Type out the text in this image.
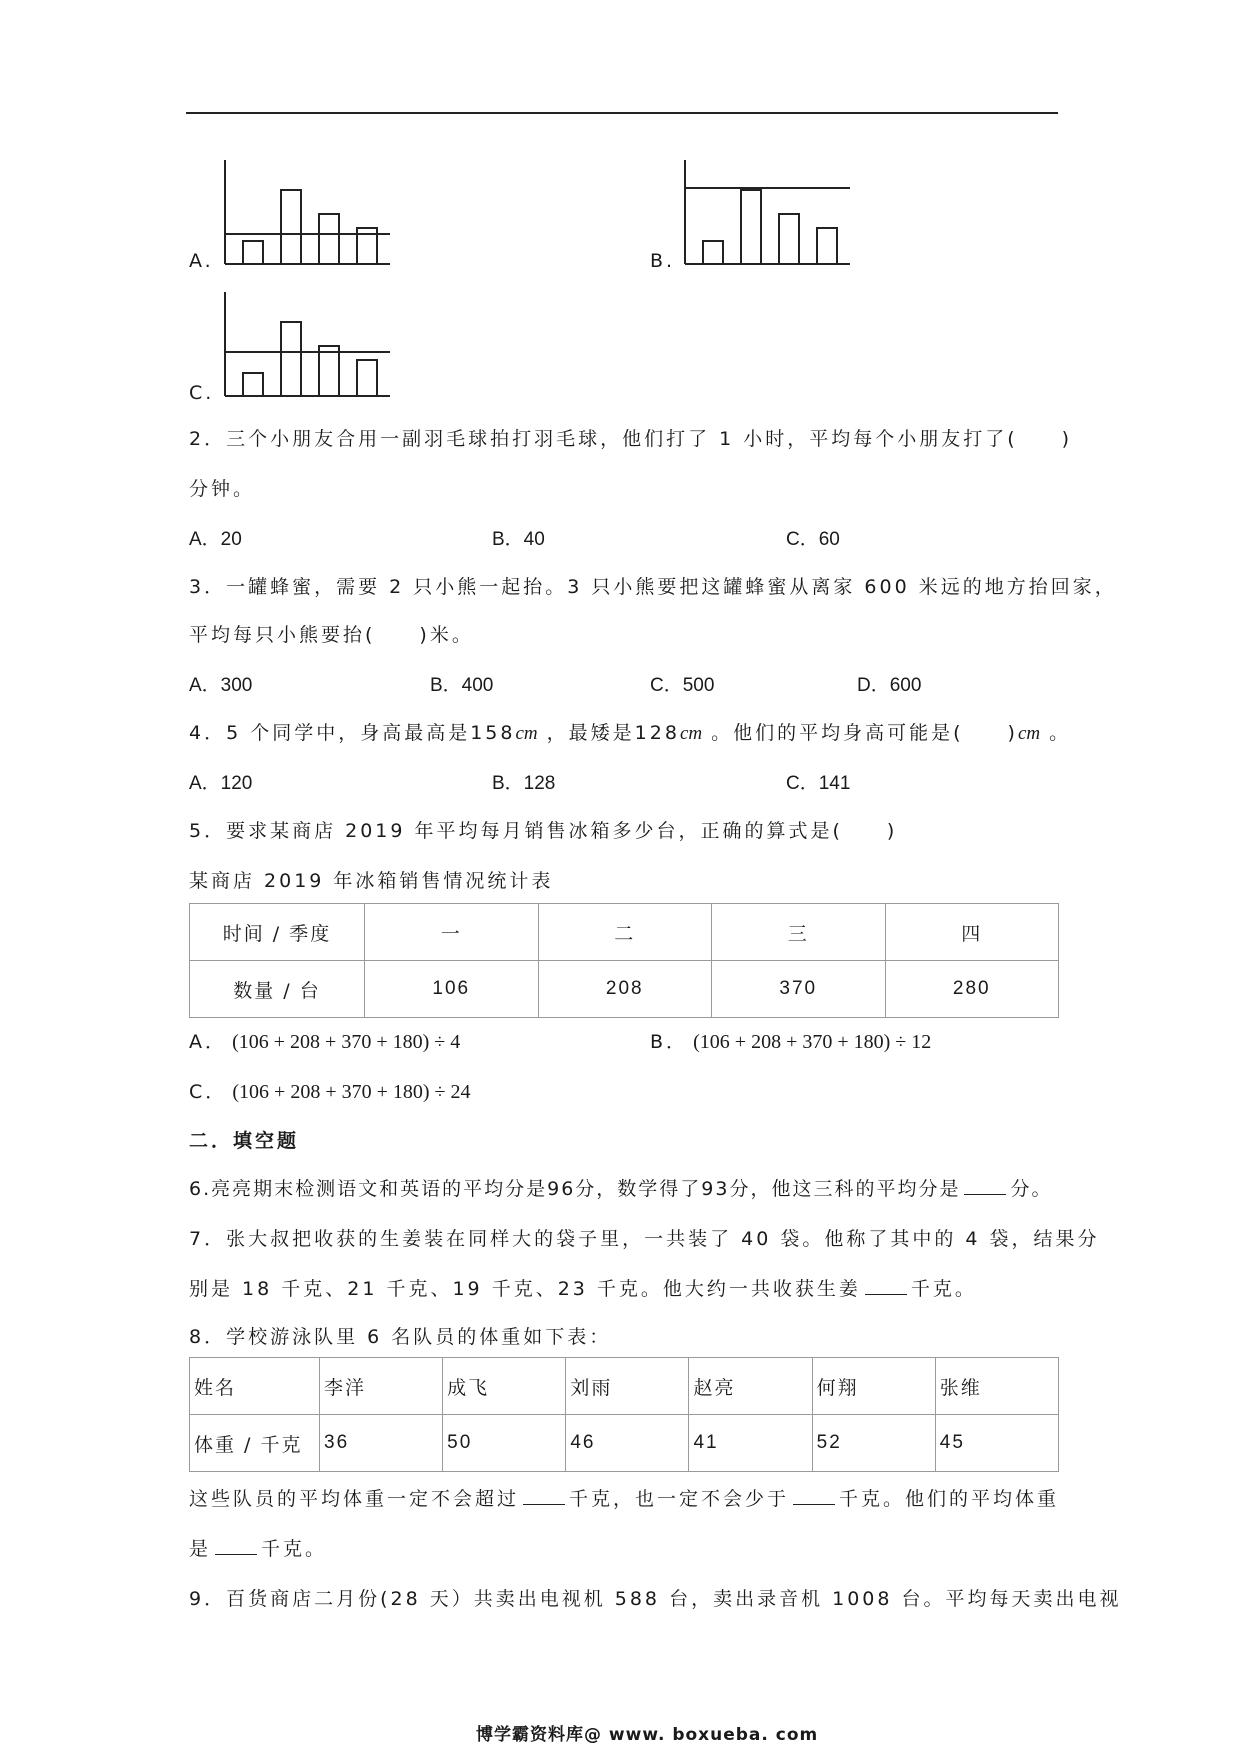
A.	B.
C.
2．三个小朋友合用一副羽毛球拍打羽毛球，他们打了 1 小时，平均每个小朋友打了(　　)
分钟。
A．20	B．40	C．60
3．一罐蜂蜜，需要 2 只小熊一起抬。3 只小熊要把这罐蜂蜜从离家 600 米远的地方抬回家，
平均每只小熊要抬(　　)米。
A．300	B．400	C．500	D．600
4．5 个同学中，身高最高是158cm ，最矮是128cm 。他们的平均身高可能是(　　)cm 。
A．120	B．128	C．141
5．要求某商店 2019 年平均每月销售冰箱多少台，正确的算式是(　　)
某商店 2019 年冰箱销售情况统计表
时间 / 季度	一	二	三	四
数量 / 台	106	208	370	280
A． (106 + 208 + 370 + 180) ÷ 4	B． (106 + 208 + 370 + 180) ÷ 12
C． (106 + 208 + 370 + 180) ÷ 24
二．填空题
6.亮亮期末检测语文和英语的平均分是96分，数学得了93分，他这三科的平均分是	分。
7．张大叔把收获的生姜装在同样大的袋子里，一共装了 40 袋。他称了其中的 4 袋，结果分
别是 18 千克、21 千克、19 千克、23 千克。他大约一共收获生姜	千克。
8．学校游泳队里 6 名队员的体重如下表：
姓名	李洋	成飞	刘雨	赵亮	何翔	张维
体重 / 千克	36	50	46	41	52	45
这些队员的平均体重一定不会超过	千克，也一定不会少于	千克。他们的平均体重
是	千克。
9．百货商店二月份(28 天）共卖出电视机 588 台，卖出录音机 1008 台。平均每天卖出电视
博学霸资料库@ www. boxueba. com
